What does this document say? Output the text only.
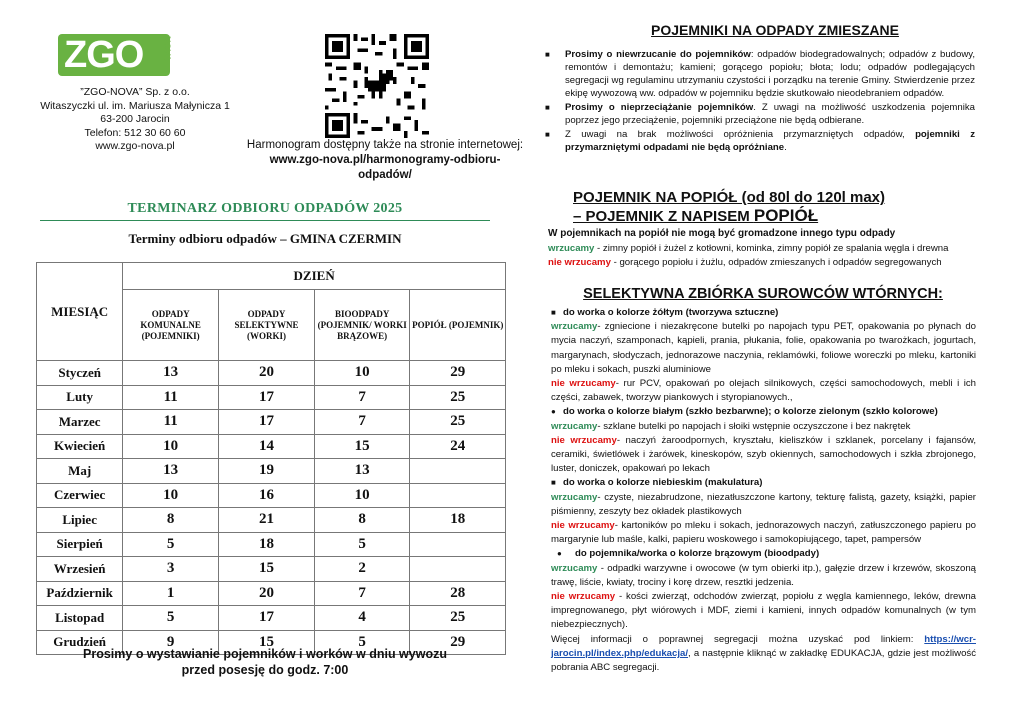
ZGO	NOVA
”ZGO-NOVA” Sp. z o.o.
Witaszyczki ul. im. Mariusza Małynicza 1
63-200 Jarocin
Telefon: 512 30 60 60
www.zgo-nova.pl	Harmonogram dostępny także na stronie internetowej:
www.zgo-nova.pl/harmonogramy-odbioru-odpadów/
TERMINARZ ODBIORU ODPADÓW 2025
Terminy odbioru odpadów – GMINA CZERMIN
MIESIĄC	DZIEŃ			
	ODPADY KOMUNALNE (POJEMNIKI)	ODPADY SELEKTYWNE (WORKI)	BIOODPADY (POJEMNIK/ WORKI BRĄZOWE)	POPIÓŁ (POJEMNIK)
Styczeń	13	20	10	29
Luty	11	17	7	25
Marzec	11	17	7	25
Kwiecień	10	14	15	24
Maj	13	19	13	
Czerwiec	10	16	10	
Lipiec	8	21	8	18
Sierpień	5	18	5	
Wrzesień	3	15	2	
Październik	1	20	7	28
Listopad	5	17	4	25
Grudzień	9	15	5	29
Prosimy o wystawianie pojemników i worków w dniu wywozu
przed posesję do godz. 7:00
POJEMNIKI NA ODPADY ZMIESZANE
■ Prosimy o niewrzucanie do pojemników: odpadów biodegradowalnych; odpadów z budowy, remontów i demontażu; kamieni; gorącego popiołu; błota; lodu; odpadów podlegających segregacji wg regulaminu utrzymaniu czystości i porządku na terenie Gminy. Stwierdzenie przez ekipę wywozową ww. odpadów w pojemniku będzie skutkowało nieodebraniem odpadów.
■ Prosimy o nieprzeciążanie pojemników. Z uwagi na możliwość uszkodzenia pojemnika poprzez jego przeciążenie, pojemniki przeciążone nie będą odbierane.
■ Z uwagi na brak możliwości opróżnienia przymarzniętych odpadów, pojemniki z przymarzniętymi odpadami nie będą opróżniane.
POJEMNIK NA POPIÓŁ (od 80l do 120l max)
– POJEMNIK Z NAPISEM POPIÓŁ
W pojemnikach na popiół nie mogą być gromadzone innego typu odpady
wrzucamy - zimny popiół i żużel z kotłowni, kominka, zimny popiół ze spalania węgla i drewna
nie wrzucamy - gorącego popiołu i żużlu, odpadów zmieszanych i odpadów segregowanych
SELEKTYWNA ZBIÓRKA SUROWCÓW WTÓRNYCH:

■ do worka o kolorze żółtym (tworzywa sztuczne)

wrzucamy- zgniecione i niezakręcone butelki po napojach typu PET, opakowania po płynach do mycia naczyń, szamponach, kąpieli, prania, płukania, folie, opakowania po twarożkach, jogurtach, margarynach, słodyczach, jednorazowe naczynia, reklamówki, foliowe woreczki po mleku, kartoniki po mleku i sokach, puszki aluminiowe

nie wrzucamy- rur PCV, opakowań po olejach silnikowych, części samochodowych, mebli i ich części, zabawek, tworzyw piankowych i styropianowych.,

● do worka o kolorze białym (szkło bezbarwne); o kolorze zielonym (szkło kolorowe)

wrzucamy- szklane butelki po napojach i słoiki wstępnie oczyszczone i bez nakrętek

nie wrzucamy- naczyń żaroodpornych, kryształu, kieliszków i szklanek, porcelany i fajansów, ceramiki, świetlówek i żarówek, kineskopów, szyb okiennych, samochodowych i szkła zbrojonego, luster, doniczek, opakowań po lekach

■ do worka o kolorze niebieskim (makulatura)

wrzucamy- czyste, niezabrudzone, niezatłuszczone kartony, tekturę falistą, gazety, książki, papier piśmienny, zeszyty bez okładek plastikowych

nie wrzucamy- kartoników po mleku i sokach, jednorazowych naczyń, zatłuszczonego papieru po margarynie lub maśle, kalki, papieru woskowego i samokopiującego, tapet, pampersów

● do pojemnika/worka o kolorze brązowym (bioodpady)

wrzucamy - odpadki warzywne i owocowe (w tym obierki itp.), gałęzie drzew i krzewów, skoszoną trawę, liście, kwiaty, trociny i korę drzew, resztki jedzenia.

nie wrzucamy - kości zwierząt, odchodów zwierząt, popiołu z węgla kamiennego, leków, drewna impregnowanego, płyt wiórowych i MDF, ziemi i kamieni, innych odpadów komunalnych (w tym niebezpiecznych).

Więcej informacji o poprawnej segregacji można uzyskać pod linkiem: https://wcr-jarocin.pl/index.php/edukacja/, a następnie kliknąć w zakładkę EDUKACJA, gdzie jest możliwość pobrania ABC segregacji.
